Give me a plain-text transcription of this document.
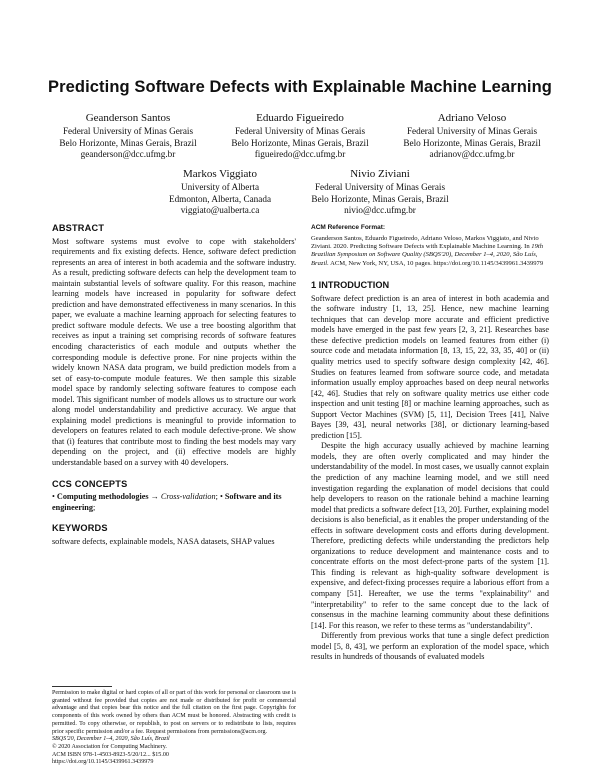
Predicting Software Defects with Explainable Machine Learning
Geanderson Santos
Federal University of Minas Gerais
Belo Horizonte, Minas Gerais, Brazil
geanderson@dcc.ufmg.br
Eduardo Figueiredo
Federal University of Minas Gerais
Belo Horizonte, Minas Gerais, Brazil
figueiredo@dcc.ufmg.br
Adriano Veloso
Federal University of Minas Gerais
Belo Horizonte, Minas Gerais, Brazil
adrianov@dcc.ufmg.br
Markos Viggiato
University of Alberta
Edmonton, Alberta, Canada
viggiato@ualberta.ca
Nivio Ziviani
Federal University of Minas Gerais
Belo Horizonte, Minas Gerais, Brazil
nivio@dcc.ufmg.br
ABSTRACT

Most software systems must evolve to cope with stakeholders' requirements and fix existing defects. Hence, software defect prediction represents an area of interest in both academia and the software industry. As a result, predicting software defects can help the development team to maintain substantial levels of software quality. For this reason, machine learning models have increased in popularity for software defect prediction and have demonstrated effectiveness in many scenarios. In this paper, we evaluate a machine learning approach for selecting features to predict software module defects. We use a tree boosting algorithm that receives as input a training set comprising records of software features encoding characteristics of each module and outputs whether the corresponding module is defective prone. For nine projects within the widely known NASA data program, we build prediction models from a set of easy-to-compute module features. We then sample this sizable model space by randomly selecting software features to compose each model. This significant number of models allows us to structure our work along model understandability and predictive accuracy. We argue that explaining model predictions is meaningful to provide information to developers on features related to each module defective-prone. We show that (i) features that contribute most to finding the best models may vary depending on the project, and (ii) effective models are highly understandable based on a survey with 40 developers.

CCS CONCEPTS

• Computing methodologies → Cross-validation; • Software and its engineering;

KEYWORDS

software defects, explainable models, NASA datasets, SHAP values

Permission to make digital or hard copies of all or part of this work for personal or classroom use is granted without fee provided that copies are not made or distributed for profit or commercial advantage and that copies bear this notice and the full citation on the first page. Copyrights for components of this work owned by others than ACM must be honored. Abstracting with credit is permitted. To copy otherwise, or republish, to post on servers or to redistribute to lists, requires prior specific permission and/or a fee. Request permissions from permissions@acm.org.
SBQS'20, December 1–4, 2020, São Luís, Brazil
© 2020 Association for Computing Machinery.
ACM ISBN 978-1-4503-8923-5/20/12... $15.00
https://doi.org/10.1145/3439961.3439979
ACM Reference Format:

Geanderson Santos, Eduardo Figueiredo, Adriano Veloso, Markos Viggiato, and Nivio Ziviani. 2020. Predicting Software Defects with Explainable Machine Learning. In 19th Brazilian Symposium on Software Quality (SBQS'20), December 1–4, 2020, São Luís, Brazil. ACM, New York, NY, USA, 10 pages. https://doi.org/10.1145/3439961.3439979

1 INTRODUCTION

Software defect prediction is an area of interest in both academia and the software industry [1, 13, 25]. Hence, new machine learning techniques that can develop more accurate and efficient predictive models have emerged in the past few years [2, 3, 21]. Researches base these defective prediction models on learned features from either (i) source code and metadata information [8, 13, 15, 22, 33, 35, 40] or (ii) quality metrics used to specify software design complexity [42, 46]. Studies on features learned from software source code, and metadata information usually employ approaches based on deep neural networks [42, 46]. Studies that rely on software quality metrics use either code inspection and unit testing [8] or machine learning approaches, such as Support Vector Machines (SVM) [5, 11], Decision Trees [41], Naïve Bayes [39, 43], neural networks [38], or dictionary learning-based prediction [15].

Despite the high accuracy usually achieved by machine learning models, they are often overly complicated and may hinder the understandability of the model. In most cases, we usually cannot explain the prediction of any machine learning model, and we still need investigation regarding the explanation of model decisions that could help developers to reason on the rationale behind a machine learning model that predicts a software defect [13, 20]. Further, explaining model decisions is also beneficial, as it enables the proper understanding of the effects in software development costs and efforts during development. Therefore, predicting defects while understanding the predictors help organizations to reduce development and maintenance costs and to concentrate efforts on the most defect-prone parts of the system [1]. This finding is relevant as high-quality software development is expensive, and defect-fixing processes require a laborious effort from a company [51]. Hereafter, we use the terms "explainability" and "interpretability" to refer to the same concept due to the lack of consensus in the machine learning community about these definitions [14]. For this reason, we refer to these terms as "understandability".

Differently from previous works that tune a single defect prediction model [5, 8, 43], we perform an exploration of the model space, which results in hundreds of thousands of evaluated models
